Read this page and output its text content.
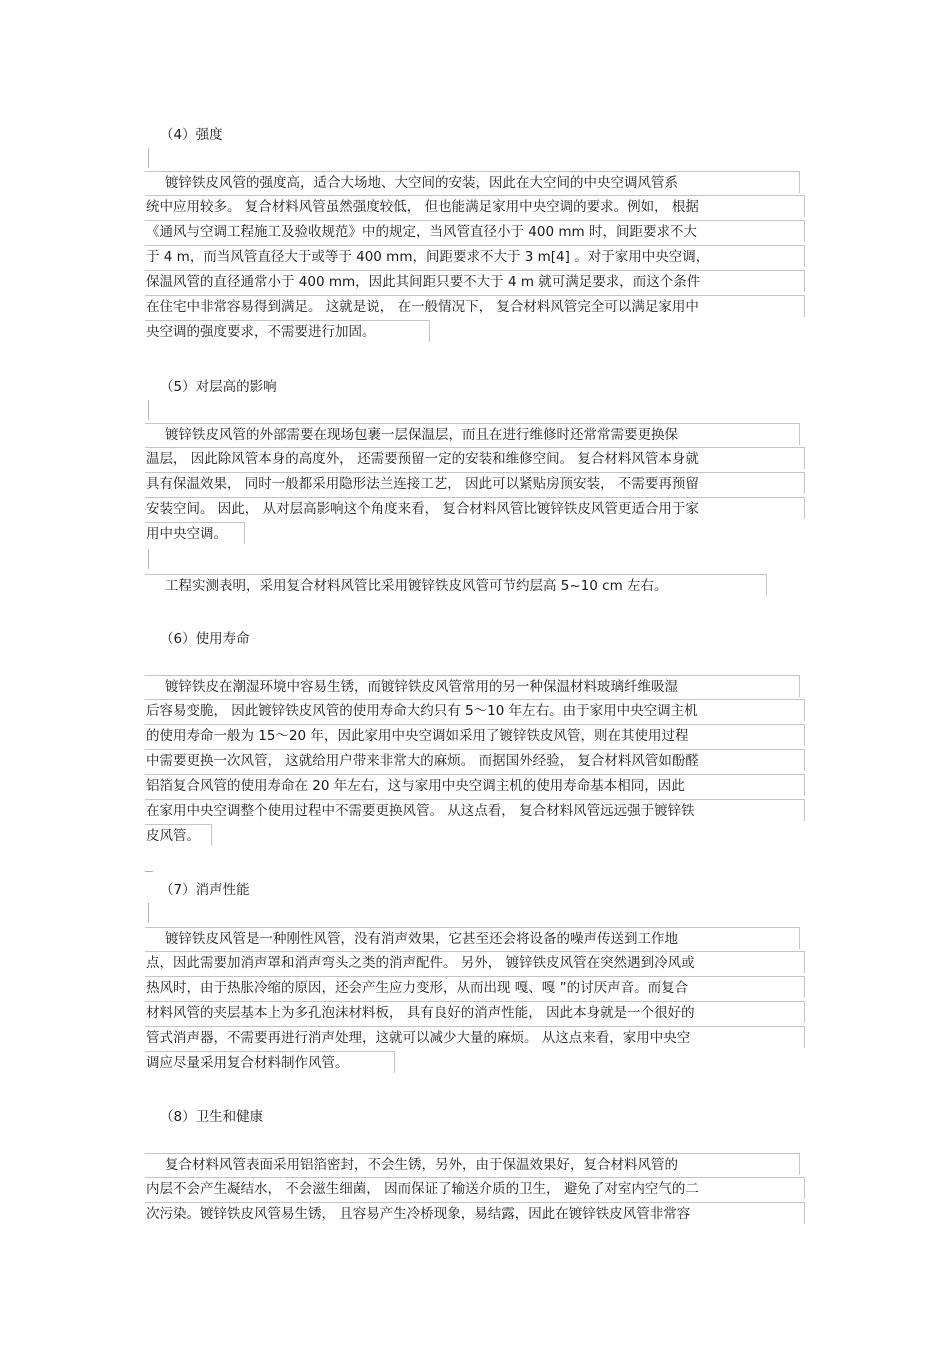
（4）强度
镀锌铁皮风管的强度高，适合大场地、大空间的安装，因此在大空间的中央空调风管系
统中应用较多。 复合材料风管虽然强度较低， 但也能满足家用中央空调的要求。例如， 根据
《通风与空调工程施工及验收规范》中的规定，当风管直径小于 400 mm 时，间距要求不大
于 4 m，而当风管直径大于或等于 400 mm，间距要求不大于 3 m[4] 。对于家用中央空调，
保温风管的直径通常小于 400 mm，因此其间距只要不大于 4 m 就可满足要求，而这个条件
在住宅中非常容易得到满足。 这就是说， 在一般情况下， 复合材料风管完全可以满足家用中
央空调的强度要求，不需要进行加固。
（5）对层高的影响
镀锌铁皮风管的外部需要在现场包裹一层保温层，而且在进行维修时还常常需要更换保
温层， 因此除风管本身的高度外， 还需要预留一定的安装和维修空间。 复合材料风管本身就
具有保温效果， 同时一般都采用隐形法兰连接工艺， 因此可以紧贴房顶安装， 不需要再预留
安装空间。 因此， 从对层高影响这个角度来看， 复合材料风管比镀锌铁皮风管更适合用于家
用中央空调。
工程实测表明，采用复合材料风管比采用镀锌铁皮风管可节约层高 5~10 cm 左右。
（6）使用寿命
镀锌铁皮在潮湿环境中容易生锈，而镀锌铁皮风管常用的另一种保温材料玻璃纤维吸湿
后容易变脆， 因此镀锌铁皮风管的使用寿命大约只有 5～10 年左右。由于家用中央空调主机
的使用寿命一般为 15～20 年，因此家用中央空调如采用了镀锌铁皮风管，则在其使用过程
中需要更换一次风管， 这就给用户带来非常大的麻烦。 而据国外经验， 复合材料风管如酚醛
铝箔复合风管的使用寿命在 20 年左右，这与家用中央空调主机的使用寿命基本相同，因此
在家用中央空调整个使用过程中不需要更换风管。 从这点看， 复合材料风管远远强于镀锌铁
皮风管。
（7）消声性能
镀锌铁皮风管是一种刚性风管，没有消声效果，它甚至还会将设备的噪声传送到工作地
点，因此需要加消声罩和消声弯头之类的消声配件。 另外， 镀锌铁皮风管在突然遇到冷风或
热风时，由于热胀冷缩的原因，还会产生应力变形，从而出现 嘎、嘎 ”的讨厌声音。而复合
材料风管的夹层基本上为多孔泡沫材料板， 具有良好的消声性能， 因此本身就是一个很好的
管式消声器，不需要再进行消声处理，这就可以减少大量的麻烦。 从这点来看，家用中央空
调应尽量采用复合材料制作风管。
（8）卫生和健康
复合材料风管表面采用铝箔密封，不会生锈，另外，由于保温效果好，复合材料风管的
内层不会产生凝结水， 不会滋生细菌， 因而保证了输送介质的卫生， 避免了对室内空气的二
次污染。镀锌铁皮风管易生锈， 且容易产生冷桥现象，易结露，因此在镀锌铁皮风管非常容
